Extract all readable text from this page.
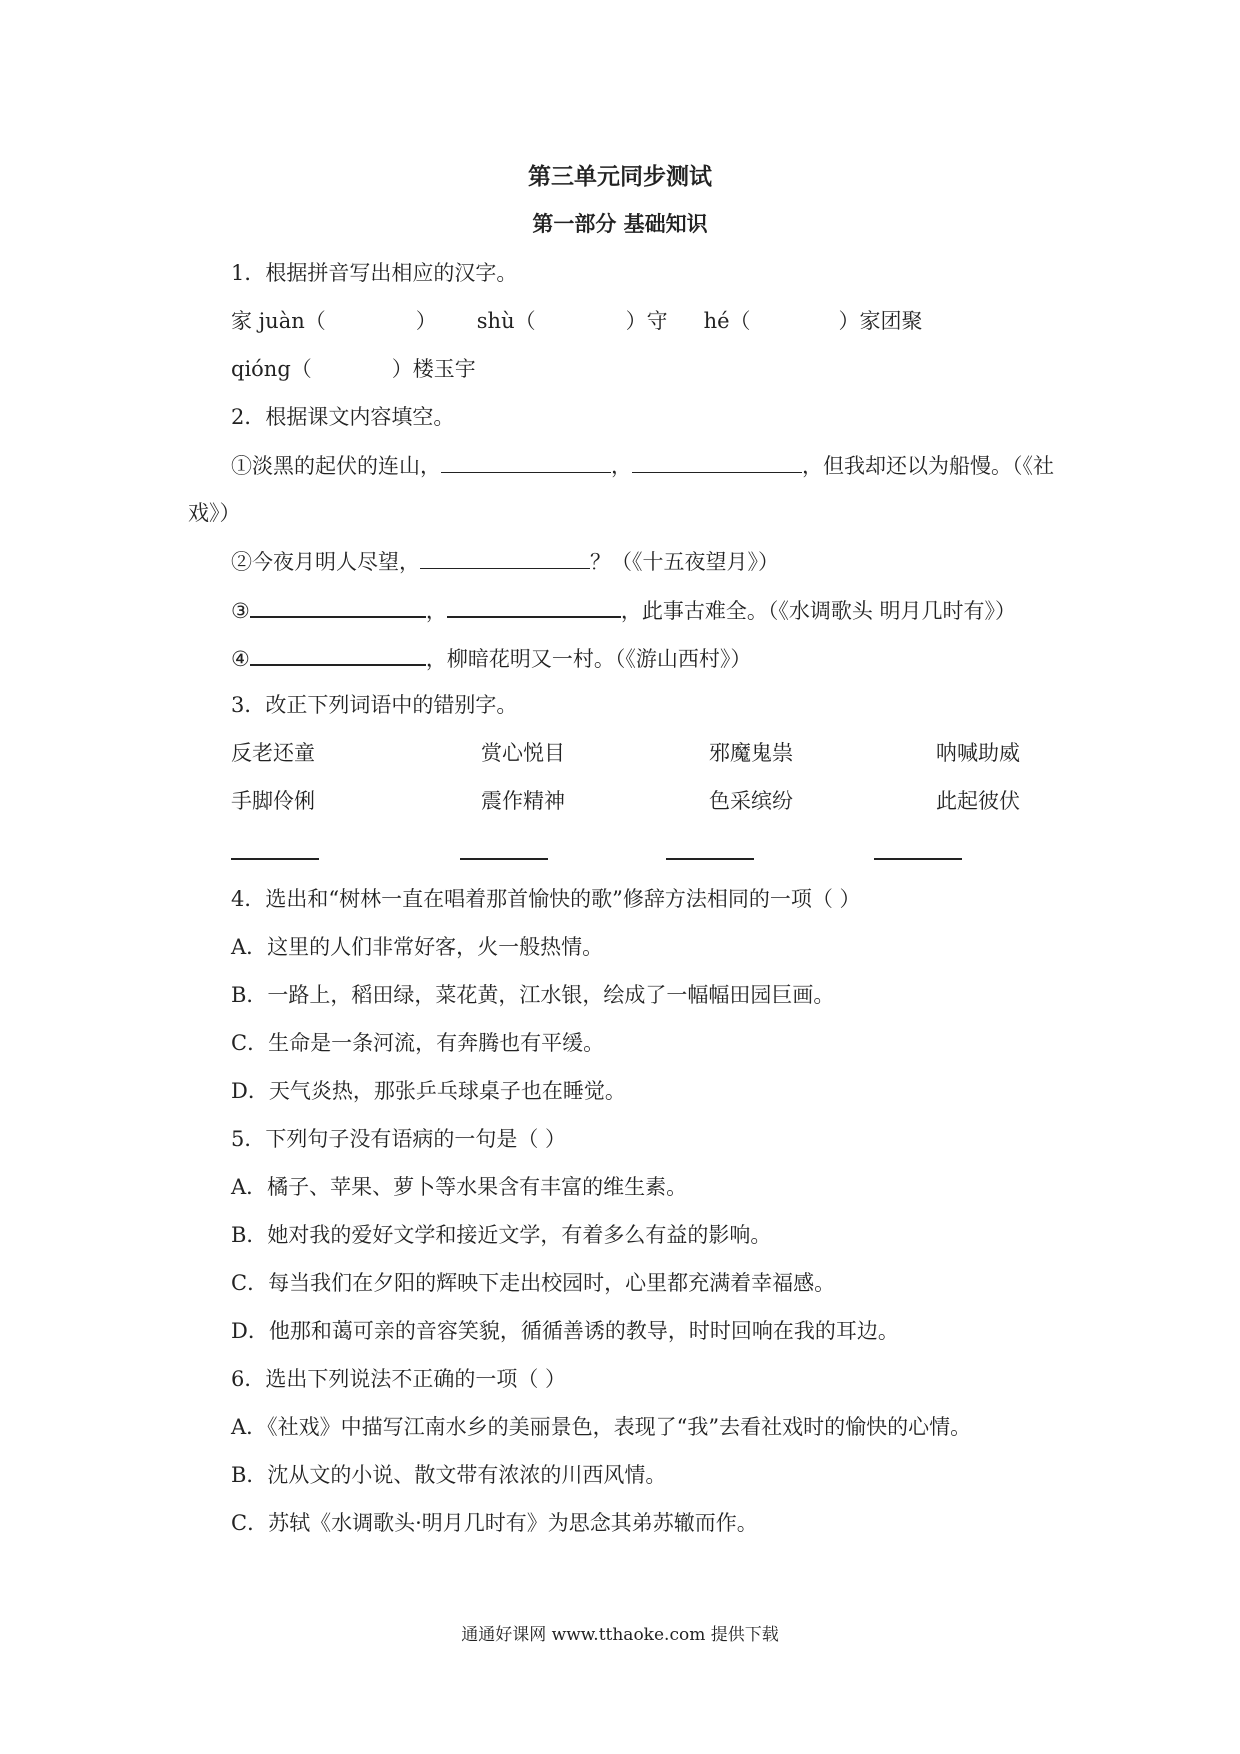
第三单元同步测试
第一部分 基础知识
1．根据拼音写出相应的汉字。
家 juàn（	） shù（	）守 hé（	）家团聚
qióng（	）楼玉宇
2．根据课文内容填空。
①淡黑的起伏的连山，	，	，但我却还以为船慢。（《社
戏》）
②今夜月明人尽望，	？（《十五夜望月》）
③	，	，此事古难全。（《水调歌头 明月几时有》）
④	，柳暗花明又一村。（《游山西村》）
3．改正下列词语中的错别字。
反老还童	赏心悦目	邪魔鬼祟	呐喊助威
手脚伶俐	震作精神	色采缤纷	此起彼伏
4．选出和“树林一直在唱着那首愉快的歌”修辞方法相同的一项（ ）
A．这里的人们非常好客，火一般热情。
B．一路上，稻田绿，菜花黄，江水银，绘成了一幅幅田园巨画。
C．生命是一条河流，有奔腾也有平缓。
D．天气炎热，那张乒乓球桌子也在睡觉。
5．下列句子没有语病的一句是（ ）
A．橘子、苹果、萝卜等水果含有丰富的维生素。
B．她对我的爱好文学和接近文学，有着多么有益的影响。
C．每当我们在夕阳的辉映下走出校园时，心里都充满着幸福感。
D．他那和蔼可亲的音容笑貌，循循善诱的教导，时时回响在我的耳边。
6．选出下列说法不正确的一项（ ）
A．《社戏》中描写江南水乡的美丽景色，表现了“我”去看社戏时的愉快的心情。
B．沈从文的小说、散文带有浓浓的川西风情。
C．苏轼《水调歌头·明月几时有》为思念其弟苏辙而作。
通通好课网 www.tthaoke.com 提供下载
